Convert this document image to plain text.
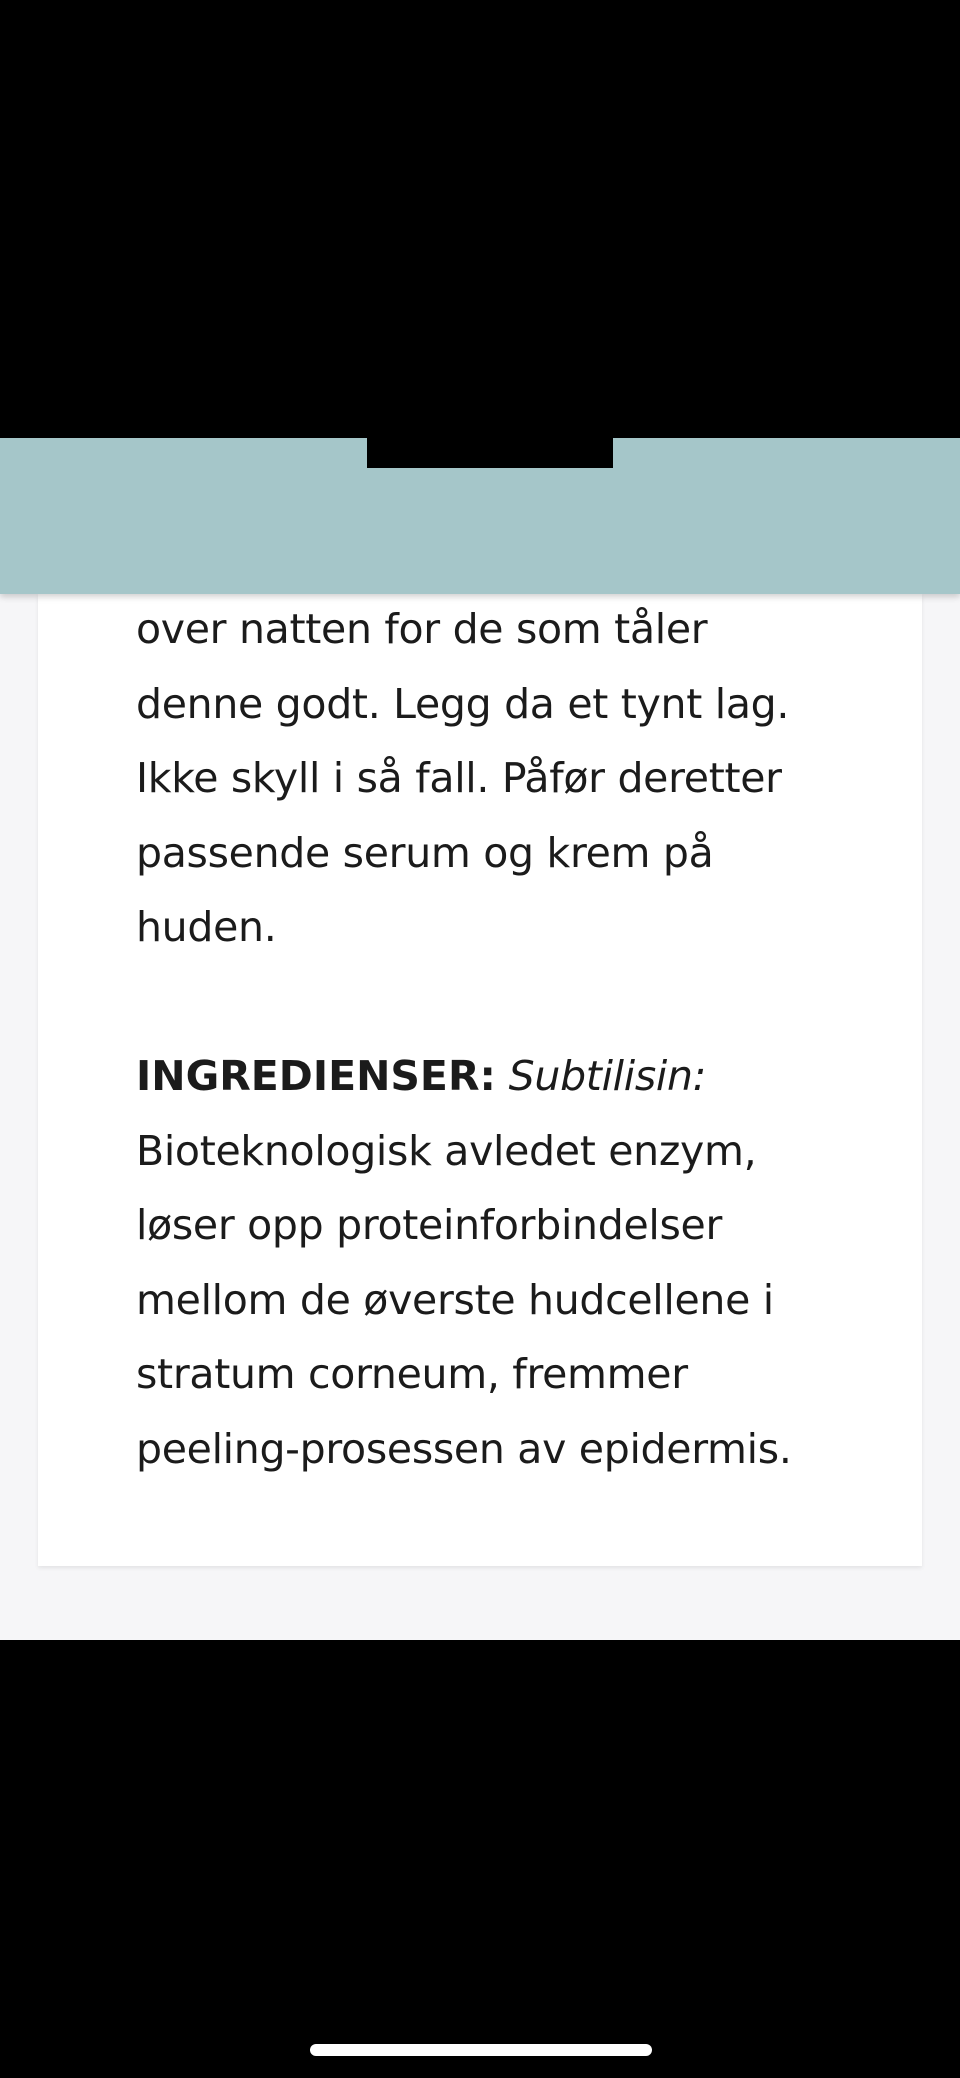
over natten for de som tåler

denne godt. Legg da et tynt lag.

Ikke skyll i så fall. Påfør deretter

passende serum og krem på

huden.

INGREDIENSER: Subtilisin:

Bioteknologisk avledet enzym,

løser opp proteinforbindelser

mellom de øverste hudcellene i

stratum corneum, fremmer

peeling-prosessen av epidermis.
